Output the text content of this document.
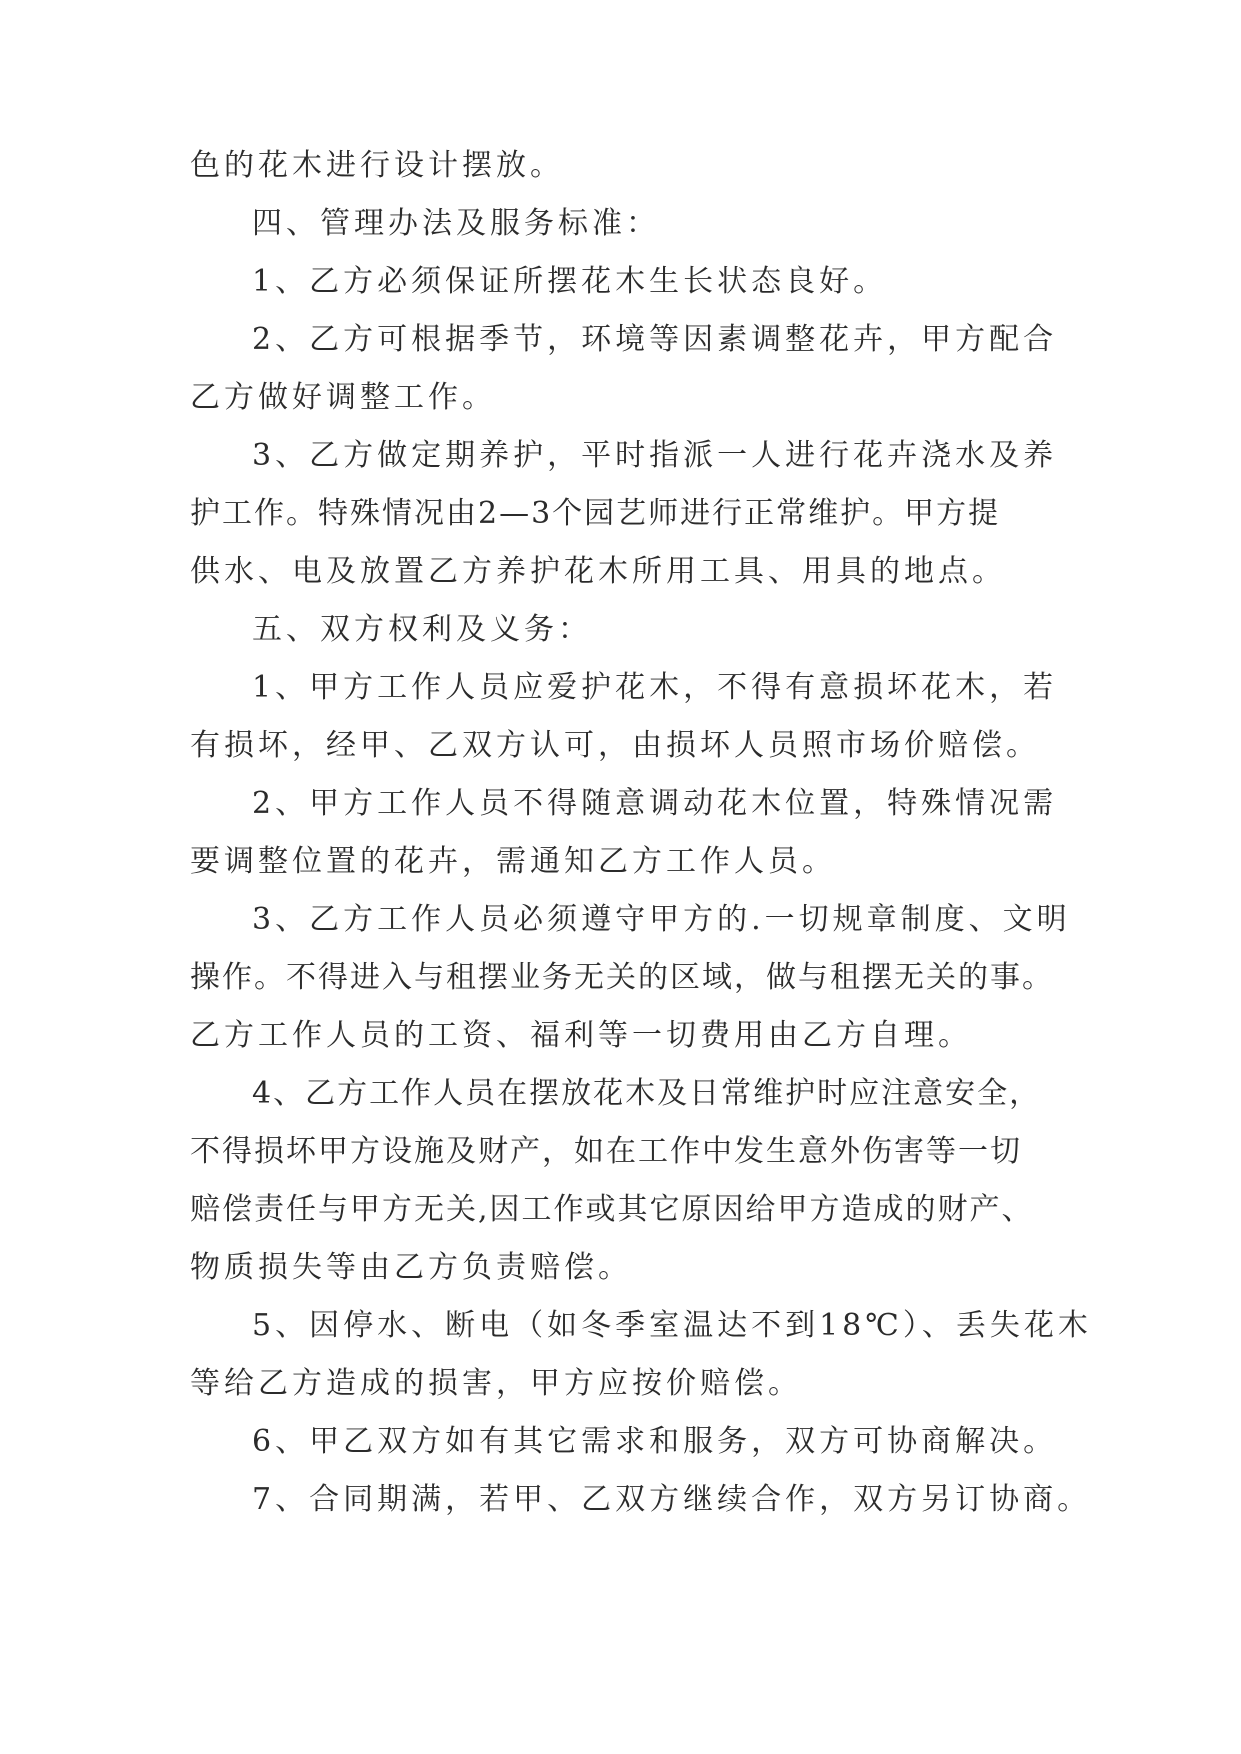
色的花木进行设计摆放。
四、管理办法及服务标准：
1、乙方必须保证所摆花木生长状态良好。
2、乙方可根据季节，环境等因素调整花卉，甲方配合
乙方做好调整工作。
3、乙方做定期养护，平时指派一人进行花卉浇水及养
护工作。特殊情况由2—3个园艺师进行正常维护。甲方提
供水、电及放置乙方养护花木所用工具、用具的地点。
五、双方权利及义务：
1、甲方工作人员应爱护花木，不得有意损坏花木，若
有损坏，经甲、乙双方认可，由损坏人员照市场价赔偿。
2、甲方工作人员不得随意调动花木位置，特殊情况需
要调整位置的花卉，需通知乙方工作人员。
3、乙方工作人员必须遵守甲方的.一切规章制度、文明
操作。不得进入与租摆业务无关的区域，做与租摆无关的事。
乙方工作人员的工资、福利等一切费用由乙方自理。
4、乙方工作人员在摆放花木及日常维护时应注意安全，
不得损坏甲方设施及财产，如在工作中发生意外伤害等一切
赔偿责任与甲方无关,因工作或其它原因给甲方造成的财产、
物质损失等由乙方负责赔偿。
5、因停水、断电（如冬季室温达不到18℃）、丢失花木
等给乙方造成的损害，甲方应按价赔偿。
6、甲乙双方如有其它需求和服务，双方可协商解决。
7、合同期满，若甲、乙双方继续合作，双方另订协商。
